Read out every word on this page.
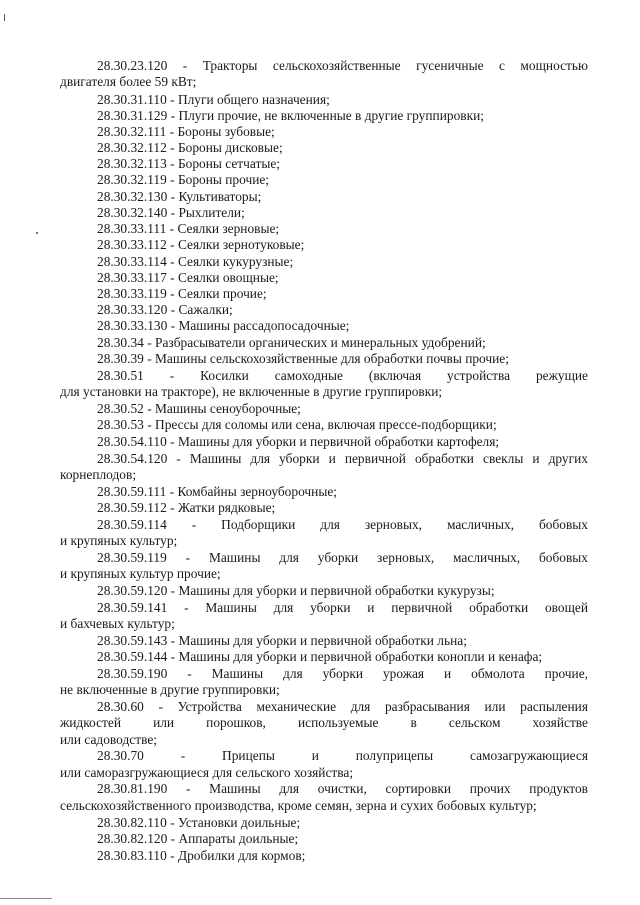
28.30.23.120 - Тракторы сельскохозяйственные гусеничные с мощностью
двигателя более 59 кВт;
28.30.31.110 - Плуги общего назначения;
28.30.31.129 - Плуги прочие, не включенные в другие группировки;
28.30.32.111 - Бороны зубовые;
28.30.32.112 - Бороны дисковые;
28.30.32.113 - Бороны сетчатые;
28.30.32.119 - Бороны прочие;
28.30.32.130 - Культиваторы;
28.30.32.140 - Рыхлители;
28.30.33.111 - Сеялки зерновые;
28.30.33.112 - Сеялки зернотуковые;
28.30.33.114 - Сеялки кукурузные;
28.30.33.117 - Сеялки овощные;
28.30.33.119 - Сеялки прочие;
28.30.33.120 - Сажалки;
28.30.33.130 - Машины рассадопосадочные;
28.30.34 - Разбрасыватели органических и минеральных удобрений;
28.30.39 - Машины сельскохозяйственные для обработки почвы прочие;
28.30.51 - Косилки самоходные (включая устройства режущие
для установки на тракторе), не включенные в другие группировки;
28.30.52 - Машины сеноуборочные;
28.30.53 - Прессы для соломы или сена, включая прессе-подборщики;
28.30.54.110 - Машины для уборки и первичной обработки картофеля;
28.30.54.120 - Машины для уборки и первичной обработки свеклы и других
корнеплодов;
28.30.59.111 - Комбайны зерноуборочные;
28.30.59.112 - Жатки рядковые;
28.30.59.114 - Подборщики для зерновых, масличных, бобовых
и крупяных культур;
28.30.59.119 - Машины для уборки зерновых, масличных, бобовых
и крупяных культур прочие;
28.30.59.120 - Машины для уборки и первичной обработки кукурузы;
28.30.59.141 - Машины для уборки и первичной обработки овощей
и бахчевых культур;
28.30.59.143 - Машины для уборки и первичной обработки льна;
28.30.59.144 - Машины для уборки и первичной обработки конопли и кенафа;
28.30.59.190 - Машины для уборки урожая и обмолота прочие,
не включенные в другие группировки;
28.30.60 - Устройства механические для разбрасывания или распыления
жидкостей или порошков, используемые в сельском хозяйстве
или садоводстве;
28.30.70 - Прицепы и полуприцепы самозагружающиеся
или саморазгружающиеся для сельского хозяйства;
28.30.81.190 - Машины для очистки, сортировки прочих продуктов
сельскохозяйственного производства, кроме семян, зерна и сухих бобовых культур;
28.30.82.110 - Установки доильные;
28.30.82.120 - Аппараты доильные;
28.30.83.110 - Дробилки для кормов;
